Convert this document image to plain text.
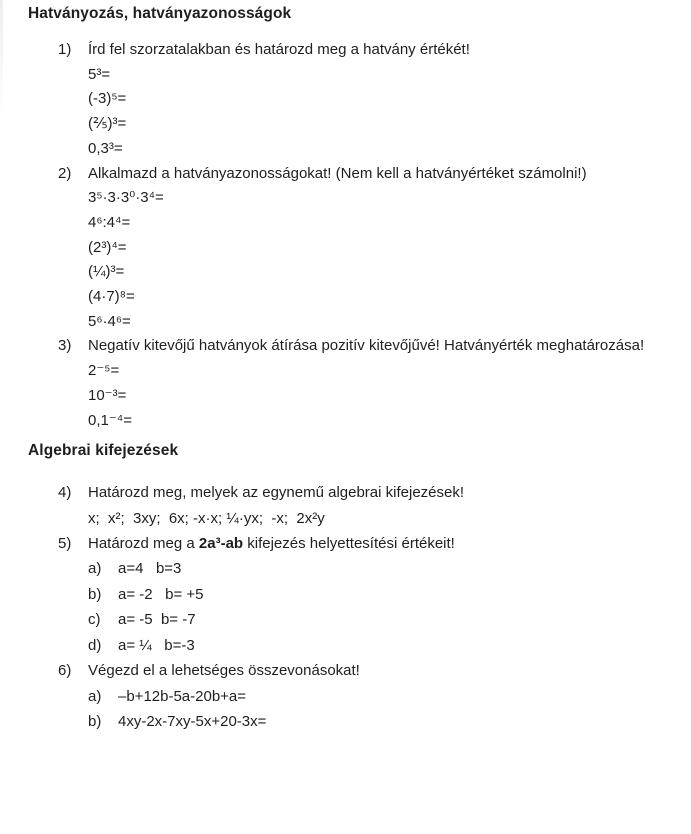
Hatványozás, hatványazonosságok
1)	Írd fel szorzatalakban és határozd meg a hatvány értékét!
5³=
(-3)⁵=
(⅖)³=
0,3³=
2)	Alkalmazd a hatványazonosságokat! (Nem kell a hatványértéket számolni!)
3⁵·3·3⁰·3⁴=
4⁶:4⁴=
(2³)⁴=
(¼)³=
(4·7)⁸=
5⁶·4⁶=
3)	Negatív kitevőjű hatványok átírása pozitív kitevőjűvé! Hatványérték meghatározása!
2⁻⁵=
10⁻³=
0,1⁻⁴=
Algebrai kifejezések
4)	Határozd meg, melyek az egynemű algebrai kifejezések!
x;  x²;  3xy;  6x; -x·x; ¼·yx;  -x;  2x²y
5)	Határozd meg a 2a³-ab kifejezés helyettesítési értékeit!
a)	a=4   b=3
b)	a= -2   b= +5
c)	a= -5  b= -7
d)	a= ¼   b=-3
6)	Végezd el a lehetséges összevonásokat!
a)	–b+12b-5a-20b+a=
b)	4xy-2x-7xy-5x+20-3x=
